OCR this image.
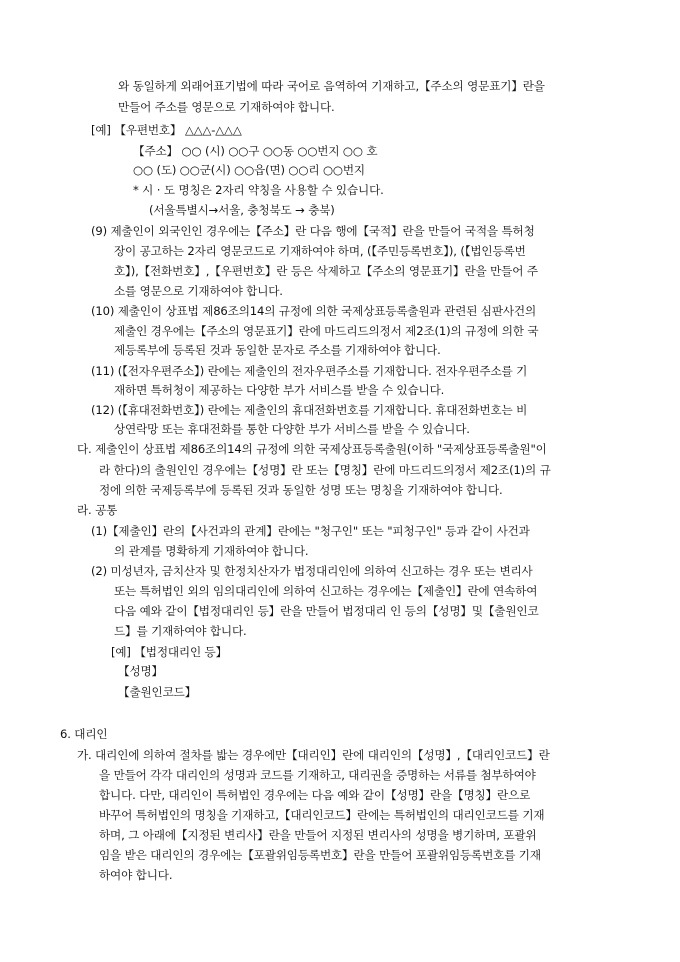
와 동일하게 외래어표기법에 따라 국어로 음역하여 기재하고,【주소의 영문표기】란을
만들어 주소를 영문으로 기재하여야 합니다.
[예] 【우편번호】 △△△-△△△
【주소】 ○○ (시) ○○구 ○○동 ○○번지 ○○ 호
○○ (도) ○○군(시) ○○읍(면) ○○리 ○○번지
* 시 · 도 명칭은 2자리 약칭을 사용할 수 있습니다.
(서울특별시→서울, 충청북도 → 충북)
(9) 제출인이 외국인인 경우에는【주소】란 다음 행에【국적】란을 만들어 국적을 특허청
장이 공고하는 2자리 영문코드로 기재하여야 하며, (【주민등록번호】), (【법인등록번
호】),【전화번호】,【우편번호】란 등은 삭제하고【주소의 영문표기】란을 만들어 주
소를 영문으로 기재하여야 합니다.
(10) 제출인이 상표법 제86조의14의 규정에 의한 국제상표등록출원과 관련된 심판사건의
제출인 경우에는【주소의 영문표기】란에 마드리드의정서 제2조(1)의 규정에 의한 국
제등록부에 등록된 것과 동일한 문자로 주소를 기재하여야 합니다.
(11) (【전자우편주소】) 란에는 제출인의 전자우편주소를 기재합니다. 전자우편주소를 기
재하면 특허청이 제공하는 다양한 부가 서비스를 받을 수 있습니다.
(12) (【휴대전화번호】) 란에는 제출인의 휴대전화번호를 기재합니다. 휴대전화번호는 비
상연락망 또는 휴대전화를 통한 다양한 부가 서비스를 받을 수 있습니다.
다. 제출인이 상표법 제86조의14의 규정에 의한 국제상표등록출원(이하 "국제상표등록출원"이
라 한다)의 출원인인 경우에는【성명】란 또는【명칭】란에 마드리드의정서 제2조(1)의 규
정에 의한 국제등록부에 등록된 것과 동일한 성명 또는 명칭을 기재하여야 합니다.
라. 공통
(1)【제출인】란의【사건과의 관계】란에는 "청구인" 또는 "피청구인" 등과 같이 사건과
의 관계를 명확하게 기재하여야 합니다.
(2) 미성년자, 금치산자 및 한정치산자가 법정대리인에 의하여 신고하는 경우 또는 변리사
또는 특허법인 외의 임의대리인에 의하여 신고하는 경우에는【제출인】란에 연속하여
다음 예와 같이【법정대리인 등】란을 만들어 법정대리 인 등의【성명】및【출원인코
드】를 기재하여야 합니다.
[예] 【법정대리인 등】
【성명】
【출원인코드】
6. 대리인
가. 대리인에 의하여 절차를 밟는 경우에만【대리인】란에 대리인의【성명】,【대리인코드】란
을 만들어 각각 대리인의 성명과 코드를 기재하고, 대리권을 증명하는 서류를 첨부하여야
합니다. 다만, 대리인이 특허법인 경우에는 다음 예와 같이【성명】란을【명칭】란으로
바꾸어 특허법인의 명칭을 기재하고,【대리인코드】란에는 특허법인의 대리인코드를 기재
하며, 그 아래에【지정된 변리사】란을 만들어 지정된 변리사의 성명을 병기하며, 포괄위
임을 받은 대리인의 경우에는【포괄위임등록번호】란을 만들어 포괄위임등록번호를 기재
하여야 합니다.
